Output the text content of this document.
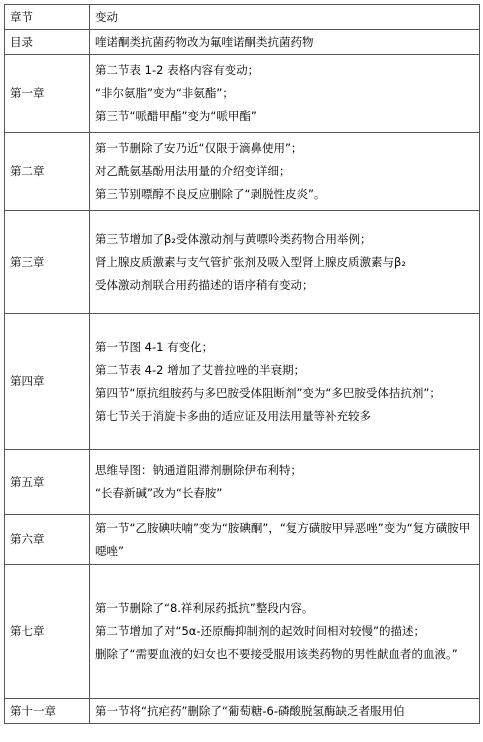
章节	变动
目录	喹诺酮类抗菌药物改为氟喹诺酮类抗菌药物

第一章	第二节表 1-2 表格内容有变动；
“非尔氨脂”变为“非氨酯”；
第三节“哌醋甲酯”变为“哌甲酯”

第二章	第一节删除了安乃近“仅限于滴鼻使用”；
对乙酰氨基酚用法用量的介绍变详细；
第三节别嘌醇不良反应删除了“剥脱性皮炎”。

第三章	第三节增加了β₂受体激动剂与黄嘌呤类药物合用举例；
肾上腺皮质激素与支气管扩张剂及吸入型肾上腺皮质激素与β₂
受体激动剂联合用药描述的语序稍有变动；

第四章	第一节图 4-1 有变化；
第二节表 4-2 增加了艾普拉唑的半衰期；
第四节“原抗组胺药与多巴胺受体阻断剂”变为“多巴胺受体拮抗剂”；
第七节关于消旋卡多曲的适应证及用法用量等补充较多

第五章	思维导图：钠通道阻滞剂删除伊布利特；
“长春新碱”改为“长春胺”

第六章	第一节“乙胺碘呋喃”变为“胺碘酮”，“复方磺胺甲异恶唑”变为“复方磺胺甲噁唑”

第七章	第一节删除了“8.祥利尿药抵抗”整段内容。
第二节增加了对“5α-还原酶抑制剂的起效时间相对较慢”的描述；
删除了“需要血液的妇女也不要接受服用该类药物的男性献血者的血液。”

第十一章	第一节将“抗疟药”删除了“葡萄糖-6-磷酸脱氢酶缺乏者服用伯
